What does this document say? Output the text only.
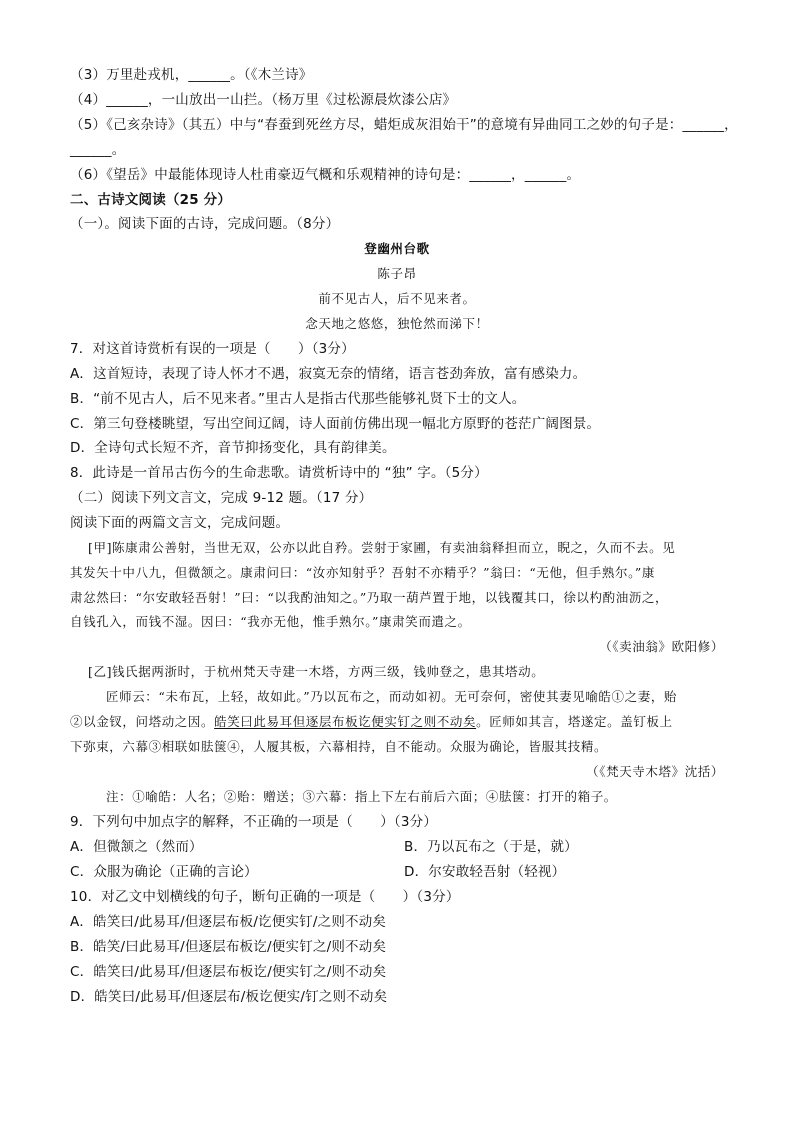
（3）万里赴戎机，______。（《木兰诗》
（4）______，一山放出一山拦。（杨万里《过松源晨炊漆公店》
（5）《己亥杂诗》（其五）中与“春蚕到死丝方尽，蜡炬成灰泪始干”的意境有异曲同工之妙的句子是：______，
______。
（6）《望岳》中最能体现诗人杜甫豪迈气概和乐观精神的诗句是：______，______。
二、古诗文阅读（25 分）
（一）。阅读下面的古诗，完成问题。（8分）
登幽州台歌
陈子昂
前不见古人，后不见来者。
念天地之悠悠，独怆然而涕下！
7．对这首诗赏析有误的一项是（　　）（3分）
A．这首短诗，表现了诗人怀才不遇，寂寞无奈的情绪，语言苍劲奔放，富有感染力。
B．“前不见古人，后不见来者。”里古人是指古代那些能够礼贤下士的文人。
C．第三句登楼眺望，写出空间辽阔，诗人面前仿佛出现一幅北方原野的苍茫广阔图景。
D．全诗句式长短不齐，音节抑扬变化，具有韵律美。
8．此诗是一首吊古伤今的生命悲歌。请赏析诗中的 “独” 字。（5分）
（二）阅读下列文言文，完成 9-12 题。（17 分）
阅读下面的两篇文言文，完成问题。
[甲]陈康肃公善射，当世无双，公亦以此自矜。尝射于家圃，有卖油翁释担而立，睨之，久而不去。见
其发矢十中八九，但微颔之。康肃问曰：“汝亦知射乎？吾射不亦精乎？”翁曰：“无他，但手熟尔。”康
肃忿然曰：“尔安敢轻吾射！”曰：“以我酌油知之。”乃取一葫芦置于地，以钱覆其口，徐以杓酌油沥之，
自钱孔入，而钱不湿。因曰：“我亦无他，惟手熟尔。”康肃笑而遣之。
（《卖油翁》欧阳修）
[乙]钱氏据两浙时，于杭州梵天寺建一木塔，方两三级，钱帅登之，患其塔动。
匠师云：“未布瓦，上轻，故如此。”乃以瓦布之，而动如初。无可奈何，密使其妻见喻皓①之妻，贻
②以金钗，问塔动之因。皓笑曰此易耳但逐层布板讫便实钉之则不动矣。匠师如其言，塔遂定。盖钉板上
下弥束，六幕③相联如胠箧④，人履其板，六幕相持，自不能动。众服为确论，皆服其技精。
（《梵天寺木塔》沈括）
注：①喻皓：人名；②贻：赠送；③六幕：指上下左右前后六面；④胠箧：打开的箱子。
9．下列句中加点字的解释，不正确的一项是（　　）（3分）
A．但微颔之（然而）	B．乃以瓦布之（于是，就）
C．众服为确论（正确的言论）	D．尔安敢轻吾射（轻视）
10．对乙文中划横线的句子，断句正确的一项是（　　）（3分）
A．皓笑曰/此易耳/但逐层布板/讫便实钉/之则不动矣
B．皓笑/曰此易耳/但逐层布板讫/便实钉之/则不动矣
C．皓笑曰/此易耳/但逐层布板讫/便实钉之/则不动矣
D．皓笑曰/此易耳/但逐层布/板讫便实/钉之则不动矣
